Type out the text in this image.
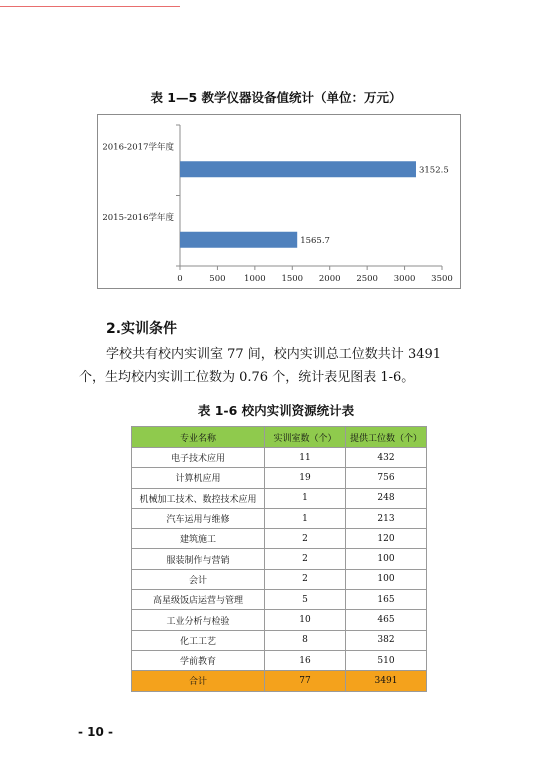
表 1—5 教学仪器设备值统计（单位：万元）
0	500 1000 1500 2000 2500 3000 3500
3152.5
2016-2017学年度
1565.7
2015-2016学年度
2.实训条件
学校共有校内实训室 77 间，校内实训总工位数共计 3491
个，生均校内实训工位数为 0.76 个，统计表见图表 1-6。
表 1-6 校内实训资源统计表
专业名称	实训室数（个）	提供工位数（个）
电子技术应用	11	432
计算机应用	19	756
机械加工技术、数控技术应用	1	248
汽车运用与维修	1	213
建筑施工	2	120
服装制作与营销	2	100
会计	2	100
高星级饭店运营与管理	5	165
工业分析与检验	10	465
化工工艺	8	382
学前教育	16	510
合计	77	3491
- 10 -
